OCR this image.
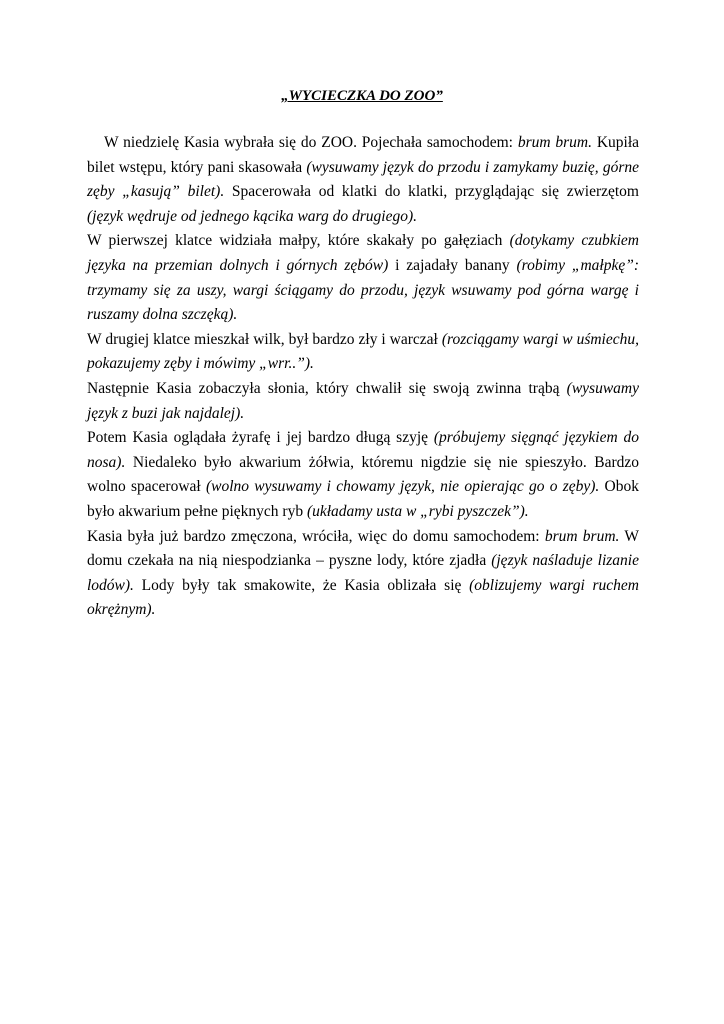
„WYCIECZKA DO ZOO”

W niedzielę Kasia wybrała się do ZOO. Pojechała samochodem: brum brum. Kupiła bilet wstępu, który pani skasowała (wysuwamy język do przodu i zamykamy buzię, górne zęby „kasują” bilet). Spacerowała od klatki do klatki, przyglądając się zwierzętom (język wędruje od jednego kącika warg do drugiego).

W pierwszej klatce widziała małpy, które skakały po gałęziach (dotykamy czubkiem języka na przemian dolnych i górnych zębów) i zajadały banany (robimy „małpkę”: trzymamy się za uszy, wargi ściągamy do przodu, język wsuwamy pod górna wargę i ruszamy dolna szczęką).

W drugiej klatce mieszkał wilk, był bardzo zły i warczał (rozciągamy wargi w uśmiechu, pokazujemy zęby i mówimy „wrr..”).

Następnie Kasia zobaczyła słonia, który chwalił się swoją zwinna trąbą (wysuwamy język z buzi jak najdalej).

Potem Kasia oglądała żyrafę i jej bardzo długą szyję (próbujemy sięgnąć językiem do nosa). Niedaleko było akwarium żółwia, któremu nigdzie się nie spieszyło. Bardzo wolno spacerował (wolno wysuwamy i chowamy język, nie opierając go o zęby). Obok było akwarium pełne pięknych ryb (układamy usta w „rybi pyszczek”).

Kasia była już bardzo zmęczona, wróciła, więc do domu samochodem: brum brum. W domu czekała na nią niespodzianka – pyszne lody, które zjadła (język naśladuje lizanie lodów). Lody były tak smakowite, że Kasia oblizała się (oblizujemy wargi ruchem okrężnym).
